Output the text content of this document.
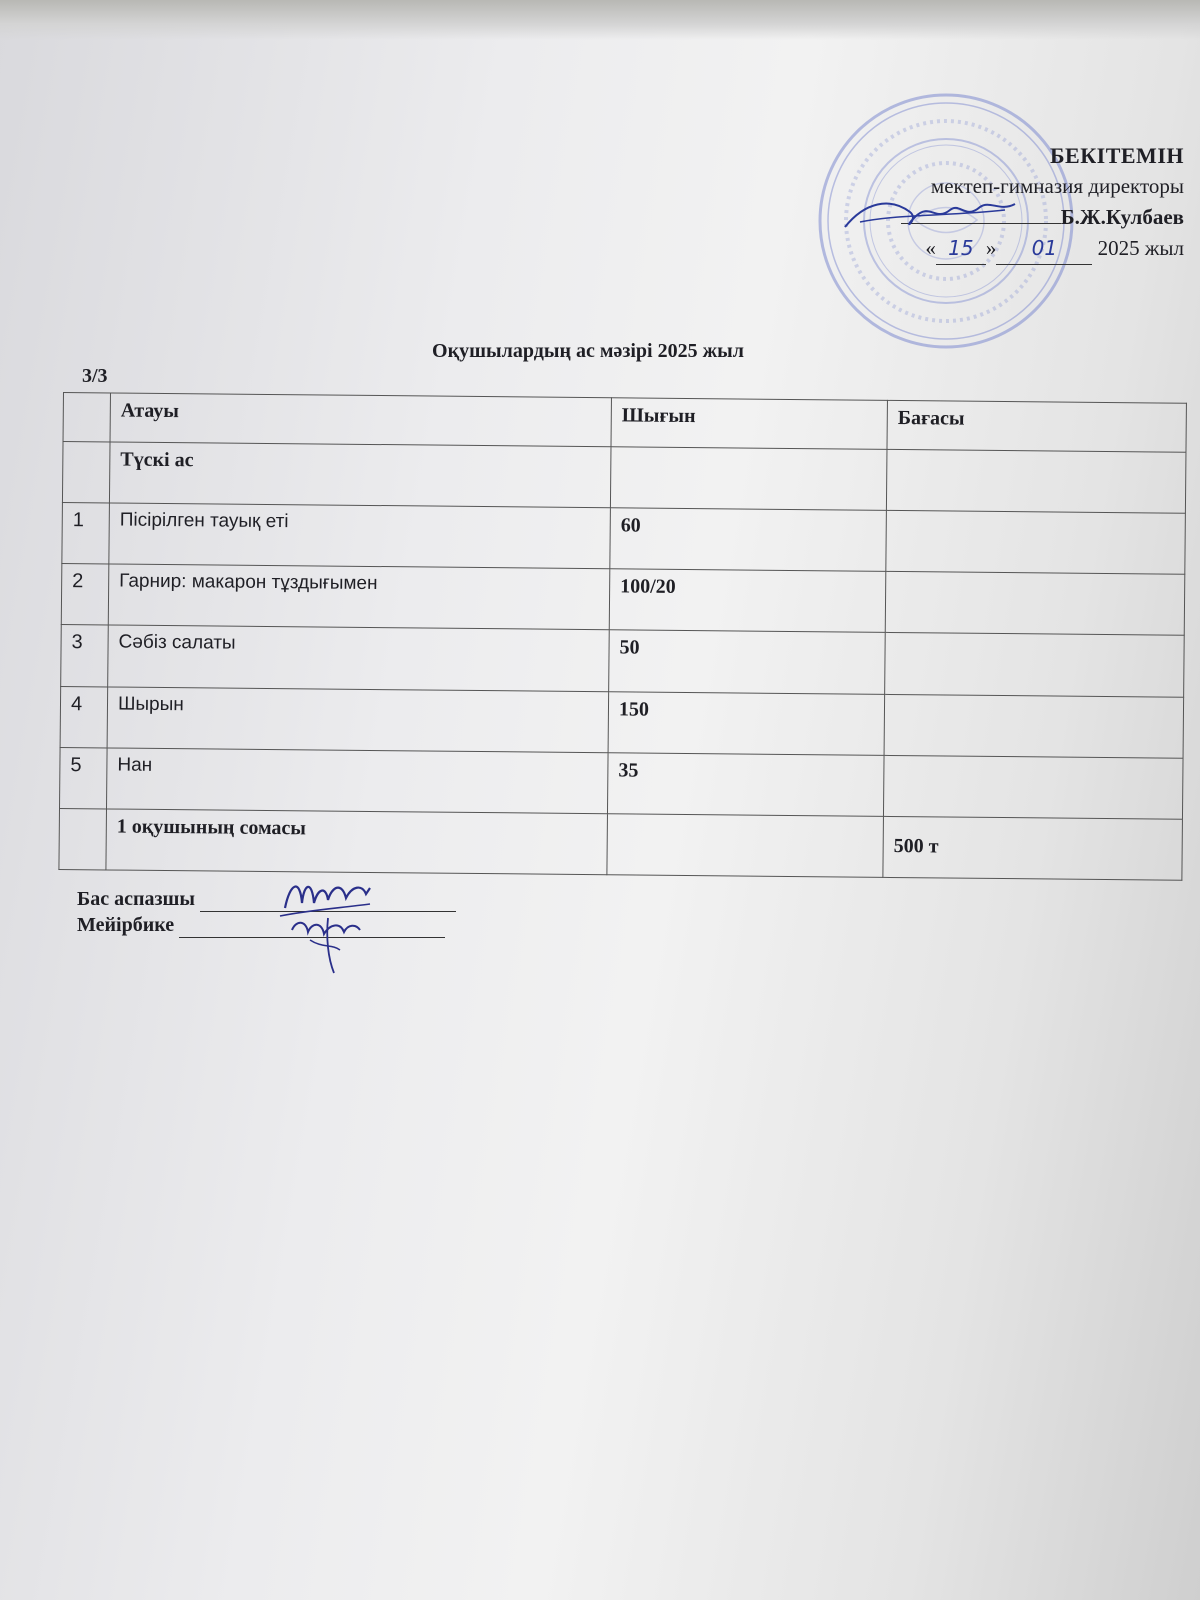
БЕКІТЕМІН
мектеп-гимназия директоры
Б.Ж.Кулбаев
« 15 » 01 2025 жыл
Оқушылардың ас мәзірі 2025 жыл
3/3
	Атауы	Шығын	Бағасы
	Түскі ас		
1	Пісірілген тауық еті	60	
2	Гарнир: макарон тұздығымен	100/20	
3	Сәбіз салаты	50	
4	Шырын	150	
5	Нан	35	
	1 оқушының сомасы		500 т
Бас аспазшы
Мейірбике
